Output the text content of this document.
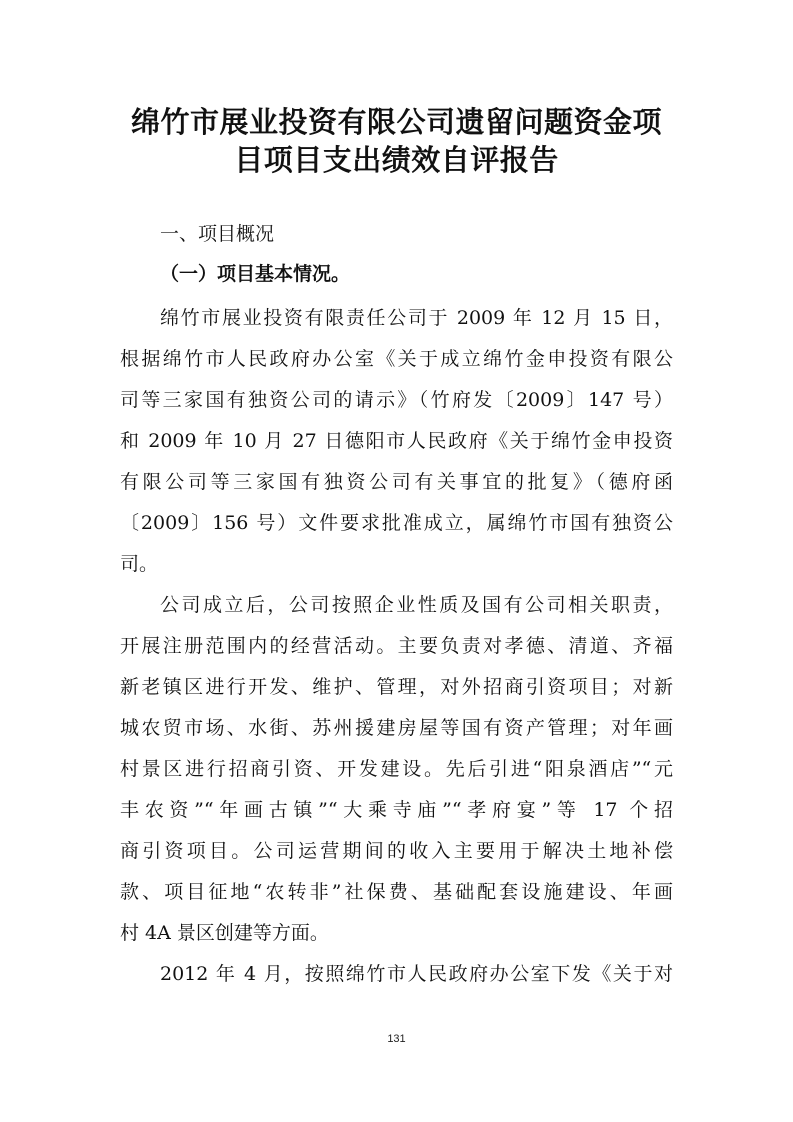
绵竹市展业投资有限公司遗留问题资金项
目项目支出绩效自评报告
一、项目概况
（一）项目基本情况。
绵竹市展业投资有限责任公司于 2009 年 12 月 15 日，
根据绵竹市人民政府办公室《关于成立绵竹金申投资有限公
司等三家国有独资公司的请示》（竹府发〔2009〕147 号）
和 2009 年 10 月 27 日德阳市人民政府《关于绵竹金申投资
有限公司等三家国有独资公司有关事宜的批复》（德府函
〔2009〕156 号）文件要求批准成立，属绵竹市国有独资公
司。
公司成立后，公司按照企业性质及国有公司相关职责，
开展注册范围内的经营活动。主要负责对孝德、清道、齐福
新老镇区进行开发、维护、管理，对外招商引资项目；对新
城农贸市场、水街、苏州援建房屋等国有资产管理；对年画
村景区进行招商引资、开发建设。先后引进“阳泉酒店”“元
丰农资”“年画古镇”“大乘寺庙”“孝府宴”等 17 个招
商引资项目。公司运营期间的收入主要用于解决土地补偿
款、项目征地“农转非”社保费、基础配套设施建设、年画
村 4A 景区创建等方面。
2012 年 4 月，按照绵竹市人民政府办公室下发《关于对
131
